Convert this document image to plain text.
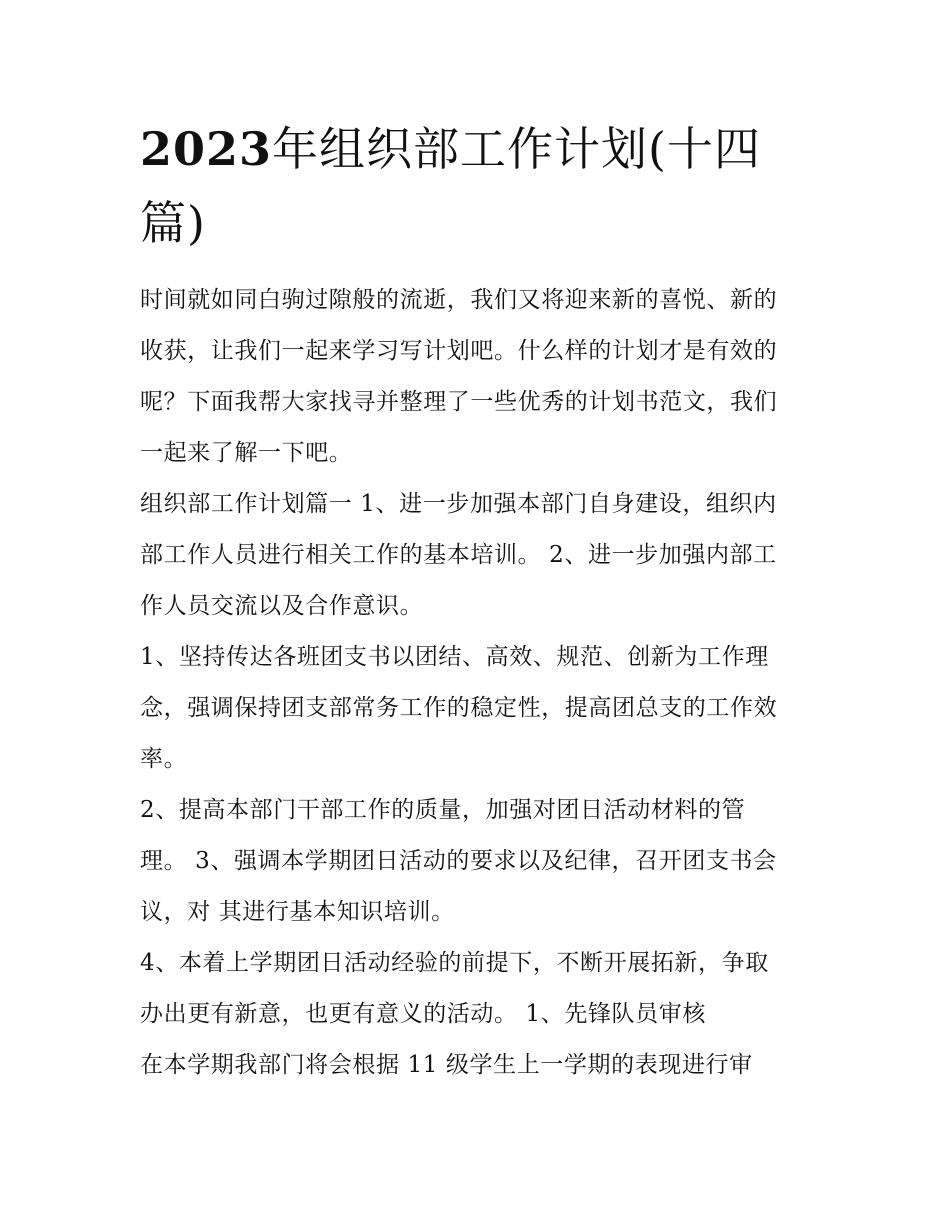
2023年组织部工作计划(十四
篇)

时间就如同白驹过隙般的流逝，我们又将迎来新的喜悦、新的

收获，让我们一起来学习写计划吧。什么样的计划才是有效的

呢？下面我帮大家找寻并整理了一些优秀的计划书范文，我们

一起来了解一下吧。

组织部工作计划篇一 1、进一步加强本部门自身建设，组织内

部工作人员进行相关工作的基本培训。 2、进一步加强内部工

作人员交流以及合作意识。

1、坚持传达各班团支书以团结、高效、规范、创新为工作理

念，强调保持团支部常务工作的稳定性，提高团总支的工作效

率。

2、提高本部门干部工作的质量，加强对团日活动材料的管

理。 3、强调本学期团日活动的要求以及纪律，召开团支书会

议，对 其进行基本知识培训。

4、本着上学期团日活动经验的前提下，不断开展拓新，争取

办出更有新意，也更有意义的活动。 1、先锋队员审核

在本学期我部门将会根据 11 级学生上一学期的表现进行审
